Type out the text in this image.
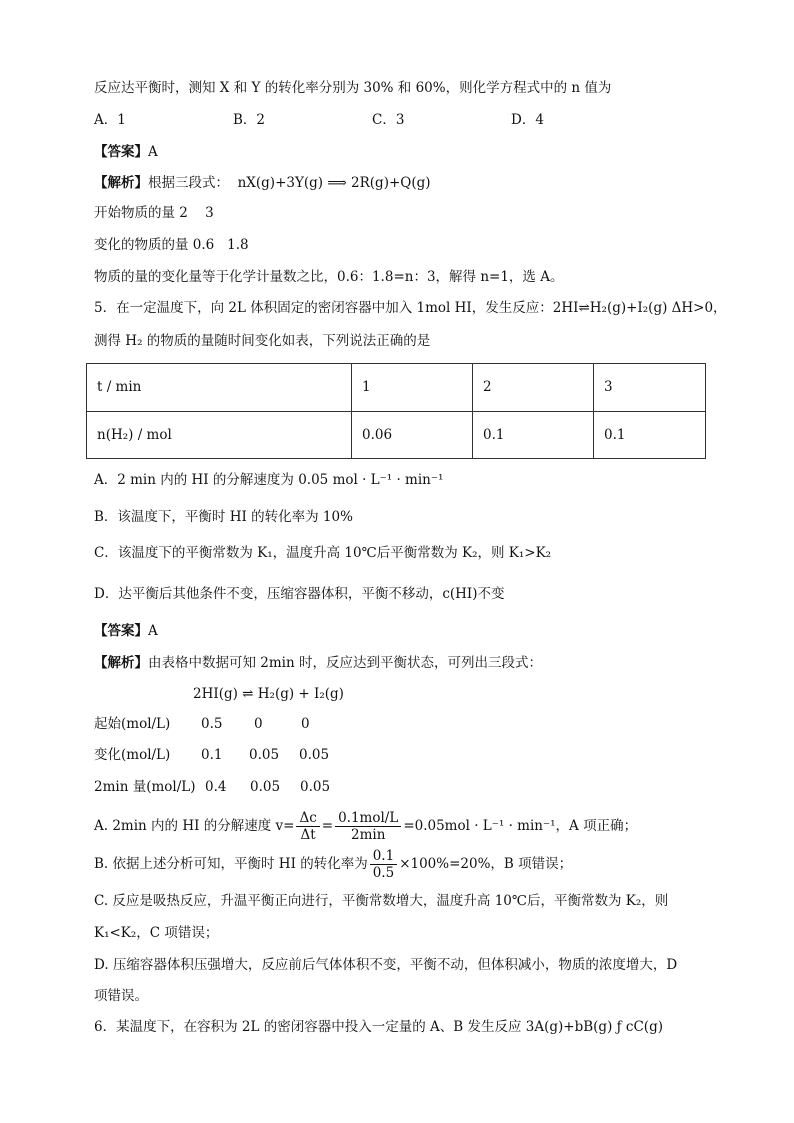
反应达平衡时，测知 X 和 Y 的转化率分别为 30% 和 60%，则化学方程式中的 n 值为
A．1	B．2	C．3	D．4
【答案】A
【解析】根据三段式： nX(g)+3Y(g) ⟹ 2R(g)+Q(g)
开始物质的量 2 3
变化的物质的量 0.6 1.8
物质的量的变化量等于化学计量数之比，0.6：1.8=n：3，解得 n=1，选 A。
5．在一定温度下，向 2L 体积固定的密闭容器中加入 1mol HI，发生反应：2HI⇌H₂(g)+I₂(g) ΔH>0，
测得 H₂ 的物质的量随时间变化如表，下列说法正确的是
t / min	1	2	3
n(H₂) / mol	0.06	0.1	0.1
A．2 min 内的 HI 的分解速度为 0.05 mol · L⁻¹ · min⁻¹
B．该温度下，平衡时 HI 的转化率为 10%
C．该温度下的平衡常数为 K₁，温度升高 10℃后平衡常数为 K₂，则 K₁>K₂
D．达平衡后其他条件不变，压缩容器体积，平衡不移动，c(HI)不变
【答案】A
【解析】由表格中数据可知 2min 时，反应达到平衡状态，可列出三段式：
2HI(g) ⇌ H₂(g) + I₂(g)
起始(mol/L) 0.5 0	0
变化(mol/L) 0.1 0.05 0.05
2min 量(mol/L) 0.4 0.05 0.05
A. 2min 内的 HI 的分解速度 $v= \frac{\Delta c}{\Delta t} = \frac{\text{0.1mol/L}}{2\min} =0.05mol \cdot L^{-1} \cdot \min^{-1}$，A 项正确；
B. 依据上述分析可知，平衡时 HI 的转化率为 $\frac{0.1}{0.5} \times 100\%=20\%$，B 项错误；
C. 反应是吸热反应，升温平衡正向进行，平衡常数增大，温度升高 10℃后，平衡常数为 K₂，则
K₁<K₂，C 项错误；
D. 压缩容器体积压强增大，反应前后气体体积不变，平衡不动，但体积减小，物质的浓度增大，D
项错误。
6．某温度下，在容积为 2L 的密闭容器中投入一定量的 A、B 发生反应 3A(g)+bB(g) ƒ cC(g)
